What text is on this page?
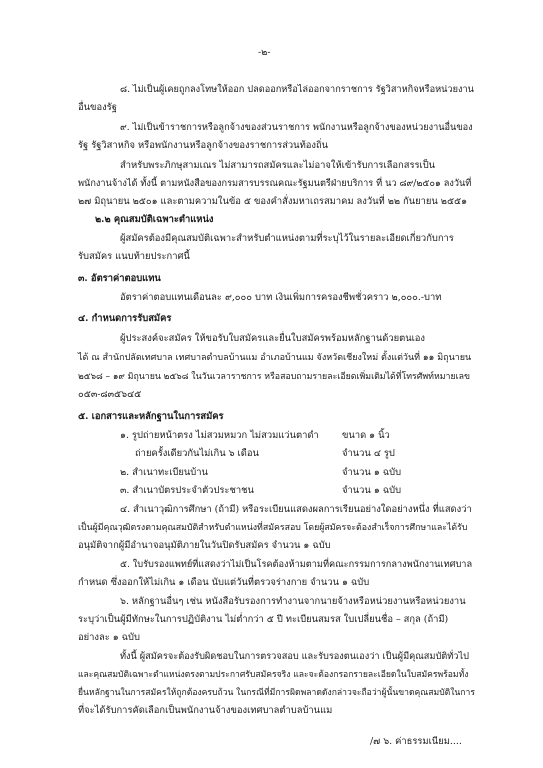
-๒-
๘. ไม่เป็นผู้เคยถูกลงโทษให้ออก ปลดออกหรือไล่ออกจากราชการ รัฐวิสาหกิจหรือหน่วยงาน
อื่นของรัฐ
๙. ไม่เป็นข้าราชการหรือลูกจ้างของส่วนราชการ พนักงานหรือลูกจ้างของหน่วยงานอื่นของ
รัฐ รัฐวิสาหกิจ หรือพนักงานหรือลูกจ้างของราชการส่วนท้องถิ่น
สำหรับพระภิกษุสามเณร ไม่สามารถสมัครและไม่อาจให้เข้ารับการเลือกสรรเป็น
พนักงานจ้างได้ ทั้งนี้ ตามหนังสือของกรมสารบรรณคณะรัฐมนตรีฝ่ายบริการ ที่ นว ๘๙/๒๕๐๑ ลงวันที่
๒๗ มิถุนายน ๒๕๐๑ และตามความในข้อ ๕ ของคำสั่งมหาเถรสมาคม ลงวันที่ ๒๒ กันยายน ๒๕๕๑
๒.๒ คุณสมบัติเฉพาะตำแหน่ง
ผู้สมัครต้องมีคุณสมบัติเฉพาะสำหรับตำแหน่งตามที่ระบุไว้ในรายละเอียดเกี่ยวกับการ
รับสมัคร แนบท้ายประกาศนี้
๓. อัตราค่าตอบแทน
อัตราค่าตอบแทนเดือนละ ๙,๐๐๐ บาท เงินเพิ่มการครองชีพชั่วคราว ๒,๐๐๐.-บาท
๔. กำหนดการรับสมัคร
ผู้ประสงค์จะสมัคร ให้ขอรับใบสมัครและยื่นใบสมัครพร้อมหลักฐานด้วยตนเอง
ได้ ณ สำนักปลัดเทศบาล เทศบาลตำบลบ้านแม อำเภอบ้านแม จังหวัดเชียงใหม่ ตั้งแต่วันที่ ๑๑ มิถุนายน
๒๕๖๘ – ๑๙ มิถุนายน ๒๕๖๘ ในวันเวลาราชการ หรือสอบถามรายละเอียดเพิ่มเติมได้ที่โทรศัพท์หมายเลข
๐๕๓-๘๓๕๖๔๕
๕. เอกสารและหลักฐานในการสมัคร
๑. รูปถ่ายหน้าตรง ไม่สวมหมวก ไม่สวมแว่นตาดำ ขนาด ๑ นิ้ว
ถ่ายครั้งเดียวกันไม่เกิน ๖ เดือน	จำนวน ๔ รูป
๒. สำเนาทะเบียนบ้าน	จำนวน ๑ ฉบับ
๓. สำเนาบัตรประจำตัวประชาชน	จำนวน ๑ ฉบับ
๔. สำเนาวุฒิการศึกษา (ถ้ามี) หรือระเบียนแสดงผลการเรียนอย่างใดอย่างหนึ่ง ที่แสดงว่า
เป็นผู้มีคุณวุฒิตรงตามคุณสมบัติสำหรับตำแหน่งที่สมัครสอบ โดยผู้สมัครจะต้องสำเร็จการศึกษาและได้รับ
อนุมัติจากผู้มีอำนาจอนุมัติภายในวันปิดรับสมัคร จำนวน ๑ ฉบับ
๕. ใบรับรองแพทย์ที่แสดงว่าไม่เป็นโรคต้องห้ามตามที่คณะกรรมการกลางพนักงานเทศบาล
กำหนด ซึ่งออกให้ไม่เกิน ๑ เดือน นับแต่วันที่ตรวจร่างกาย จำนวน ๑ ฉบับ
๖. หลักฐานอื่นๆ เช่น หนังสือรับรองการทำงานจากนายจ้างหรือหน่วยงานหรือหน่วยงาน
ระบุว่าเป็นผู้มีทักษะในการปฏิบัติงาน ไม่ต่ำกว่า ๕ ปี ทะเบียนสมรส ใบเปลี่ยนชื่อ – สกุล (ถ้ามี)
อย่างละ ๑ ฉบับ
ทั้งนี้ ผู้สมัครจะต้องรับผิดชอบในการตรวจสอบ และรับรองตนเองว่า เป็นผู้มีคุณสมบัติทั่วไป
และคุณสมบัติเฉพาะตำแหน่งตรงตามประกาศรับสมัครจริง และจะต้องกรอกรายละเอียดในใบสมัครพร้อมทั้ง
ยื่นหลักฐานในการสมัครให้ถูกต้องครบถ้วน ในกรณีที่มีการผิดพลาดดังกล่าวจะถือว่าผู้นั้นขาดคุณสมบัติในการ
ที่จะได้รับการคัดเลือกเป็นพนักงานจ้างของเทศบาลตำบลบ้านแม
/๗ ๖. ค่าธรรมเนียม....
